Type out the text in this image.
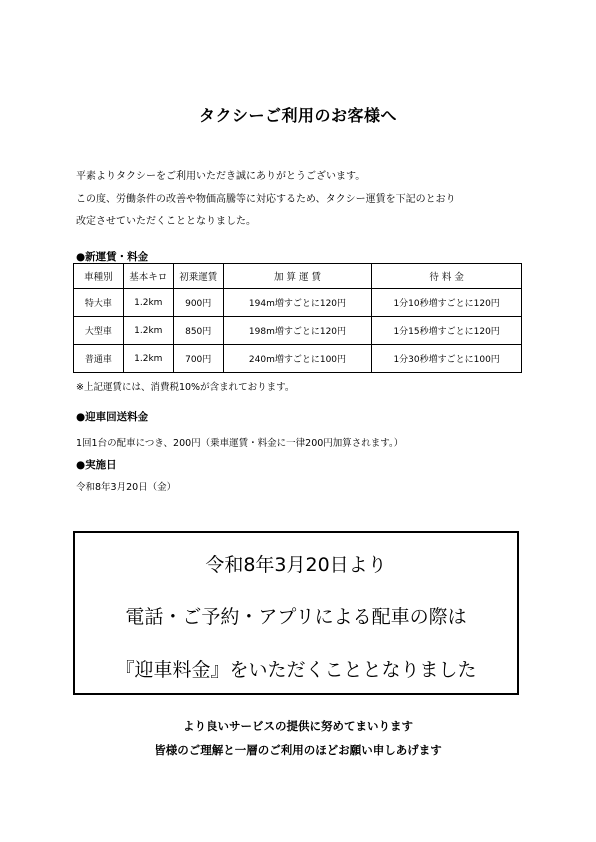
タクシーご利用のお客様へ
平素よりタクシーをご利用いただき誠にありがとうございます。
この度、労働条件の改善や物価高騰等に対応するため、タクシー運賃を下記のとおり
改定させていただくこととなりました。
●新運賃・料金
車種別	基本キロ	初乗運賃	加 算 運 賃	待 料 金
特大車	1.2km	900円	194m増すごとに120円	1分10秒増すごとに120円
大型車	1.2km	850円	198m増すごとに120円	1分15秒増すごとに120円
普通車	1.2km	700円	240m増すごとに100円	1分30秒増すごとに100円
※上記運賃には、消費税10%が含まれております。
●迎車回送料金
1回1台の配車につき、200円（乗車運賃・料金に一律200円加算されます。）
●実施日
令和8年3月20日（金）
令和8年3月20日より
電話・ご予約・アプリによる配車の際は
『迎車料金』をいただくこととなりました
より良いサービスの提供に努めてまいります
皆様のご理解と一層のご利用のほどお願い申しあげます
